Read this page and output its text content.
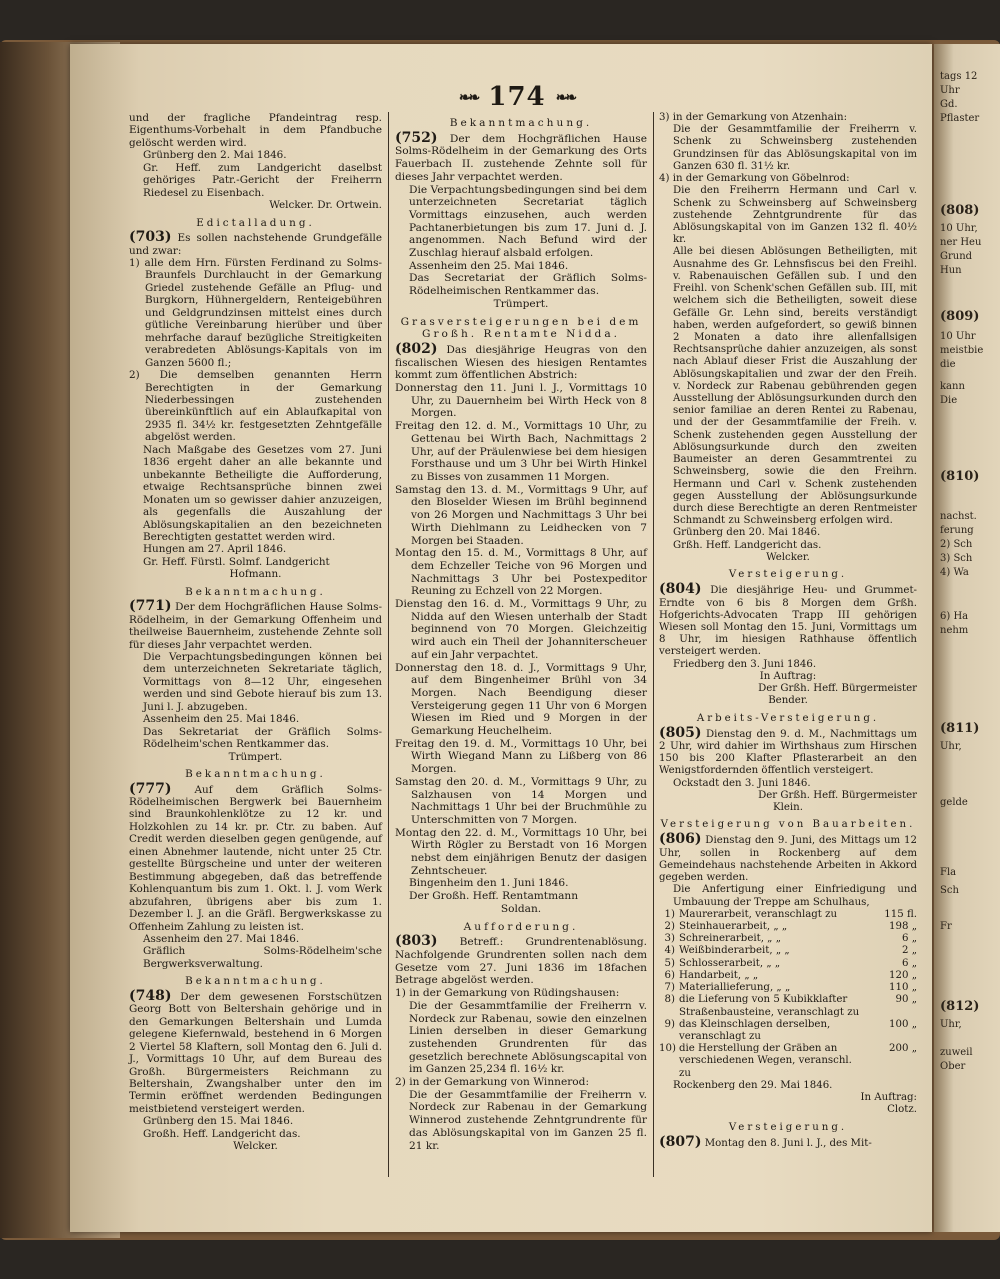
tags 12
Uhr
Gd.
Pflaster
(808)
10 Uhr,
ner Heu
Grund
Hun
(809)
10 Uhr
meistbie
die
kann
Die
(810)
nachst.
ferung
2) Sch
3) Sch
4) Wa
6) Ha
nehm
(811)
Uhr,
gelde
Fla
Sch
Fr
(812)
Uhr,
zuweil
Ober
❧❧ 174 ❧❧

und der fragliche Pfandeintrag resp. Eigenthums-Vorbehalt in dem Pfandbuche gelöscht werden wird.

Grünberg den 2. Mai 1846.

Gr. Heff. zum Landgericht daselbst gehöriges Patr.-Gericht der Freiherrn Riedesel zu Eisenbach.

Welcker. Dr. Ortwein.

Edictalladung.

(703) Es sollen nachstehende Grundgefälle und zwar:

1) alle dem Hrn. Fürsten Ferdinand zu Solms-Braunfels Durchlaucht in der Gemarkung Griedel zustehende Gefälle an Pflug- und Burgkorn, Hühnergeldern, Renteigebühren und Geldgrundzinsen mittelst eines durch gütliche Vereinbarung hierüber und über mehrfache darauf bezügliche Streitigkeiten verabredeten Ablösungs-Kapitals von im Ganzen 5600 fl.;

2) Die demselben genannten Herrn Berechtigten in der Gemarkung Niederbessingen zustehenden übereinkünftlich auf ein Ablaufkapital von 2935 fl. 34½ kr. festgesetzten Zehntgefälle abgelöst werden.

Nach Maßgabe des Gesetzes vom 27. Juni 1836 ergeht daher an alle bekannte und unbekannte Betheiligte die Aufforderung, etwaige Rechtsansprüche binnen zwei Monaten um so gewisser dahier anzuzeigen, als gegenfalls die Auszahlung der Ablösungskapitalien an den bezeichneten Berechtigten gestattet werden wird.

Hungen am 27. April 1846.

Gr. Heff. Fürstl. Solmf. Landgericht

Hofmann.

Bekanntmachung.

(771) Der dem Hochgräflichen Hause Solms-Rödelheim, in der Gemarkung Offenheim und theilweise Bauernheim, zustehende Zehnte soll für dieses Jahr verpachtet werden.

Die Verpachtungsbedingungen können bei dem unterzeichneten Sekretariate täglich, Vormittags von 8—12 Uhr, eingesehen werden und sind Gebote hierauf bis zum 13. Juni l. J. abzugeben.

Assenheim den 25. Mai 1846.

Das Sekretariat der Gräflich Solms-Rödelheim'schen Rentkammer das.

Trümpert.

Bekanntmachung.

(777) Auf dem Gräflich Solms-Rödelheimischen Bergwerk bei Bauernheim sind Braunkohlenklötze zu 12 kr. und Holzkohlen zu 14 kr. pr. Ctr. zu baben. Auf Credit werden dieselben gegen genügende, auf einen Abnehmer lautende, nicht unter 25 Ctr. gestellte Bürgscheine und unter der weiteren Bestimmung abgegeben, daß das betreffende Kohlenquantum bis zum 1. Okt. l. J. vom Werk abzufahren, übrigens aber bis zum 1. Dezember l. J. an die Gräfl. Bergwerkskasse zu Offenheim Zahlung zu leisten ist.

Assenheim den 27. Mai 1846.

Gräflich Solms-Rödelheim'sche Bergwerksverwaltung.

Bekanntmachung.

(748) Der dem gewesenen Forstschützen Georg Bott von Beltershain gehörige und in den Gemarkungen Beltershain und Lumda gelegene Kiefernwald, bestehend in 6 Morgen 2 Viertel 58 Klaftern, soll Montag den 6. Juli d. J., Vormittags 10 Uhr, auf dem Bureau des Großh. Bürgermeisters Reichmann zu Beltershain, Zwangshalber unter den im Termin eröffnet werdenden Bedingungen meistbietend versteigert werden.

Grünberg den 15. Mai 1846.

Großh. Heff. Landgericht das.

Welcker.

Bekanntmachung.

(752) Der dem Hochgräflichen Hause Solms-Rödelheim in der Gemarkung des Orts Fauerbach II. zustehende Zehnte soll für dieses Jahr verpachtet werden.

Die Verpachtungsbedingungen sind bei dem unterzeichneten Secretariat täglich Vormittags einzusehen, auch werden Pachtanerbietungen bis zum 17. Juni d. J. angenommen. Nach Befund wird der Zuschlag hierauf alsbald erfolgen.

Assenheim den 25. Mai 1846.

Das Secretariat der Gräflich Solms-Rödelheimischen Rentkammer das.

Trümpert.

Grasversteigerungen bei dem Großh. Rentamte Nidda.

(802) Das diesjährige Heugras von den fiscalischen Wiesen des hiesigen Rentamtes kommt zum öffentlichen Abstrich:

Donnerstag den 11. Juni l. J., Vormittags 10 Uhr, zu Dauernheim bei Wirth Heck von 8 Morgen.

Freitag den 12. d. M., Vormittags 10 Uhr, zu Gettenau bei Wirth Bach, Nachmittags 2 Uhr, auf der Präulenwiese bei dem hiesigen Forsthause und um 3 Uhr bei Wirth Hinkel zu Bisses von zusammen 11 Morgen.

Samstag den 13. d. M., Vormittags 9 Uhr, auf den Bloselder Wiesen im Brühl beginnend von 26 Morgen und Nachmittags 3 Uhr bei Wirth Diehlmann zu Leidhecken von 7 Morgen bei Staaden.

Montag den 15. d. M., Vormittags 8 Uhr, auf dem Echzeller Teiche von 96 Morgen und Nachmittags 3 Uhr bei Postexpeditor Reuning zu Echzell von 22 Morgen.

Dienstag den 16. d. M., Vormittags 9 Uhr, zu Nidda auf den Wiesen unterhalb der Stadt beginnend von 70 Morgen. Gleichzeitig wird auch ein Theil der Johanniterscheuer auf ein Jahr verpachtet.

Donnerstag den 18. d. J., Vormittags 9 Uhr, auf dem Bingenheimer Brühl von 34 Morgen. Nach Beendigung dieser Versteigerung gegen 11 Uhr von 6 Morgen Wiesen im Ried und 9 Morgen in der Gemarkung Heuchelheim.

Freitag den 19. d. M., Vormittags 10 Uhr, bei Wirth Wiegand Mann zu Lißberg von 86 Morgen.

Samstag den 20. d. M., Vormittags 9 Uhr, zu Salzhausen von 14 Morgen und Nachmittags 1 Uhr bei der Bruchmühle zu Unterschmitten von 7 Morgen.

Montag den 22. d. M., Vormittags 10 Uhr, bei Wirth Rögler zu Berstadt von 16 Morgen nebst dem einjährigen Benutz der dasigen Zehntscheuer.

Bingenheim den 1. Juni 1846.

Der Großh. Heff. Rentamtmann

Soldan.

Aufforderung.

(803) Betreff.: Grundrentenablösung. Nachfolgende Grundrenten sollen nach dem Gesetze vom 27. Juni 1836 im 18fachen Betrage abgelöst werden.

1) in der Gemarkung von Rüdingshausen:

Die der Gesammtfamilie der Freiherrn v. Nordeck zur Rabenau, sowie den einzelnen Linien derselben in dieser Gemarkung zustehenden Grundrenten für das gesetzlich berechnete Ablösungscapital von im Ganzen 25,234 fl. 16½ kr.

2) in der Gemarkung von Winnerod:

Die der Gesammtfamilie der Freiherrn v. Nordeck zur Rabenau in der Gemarkung Winnerod zustehende Zehntgrundrente für das Ablösungskapital von im Ganzen 25 fl. 21 kr.

3) in der Gemarkung von Atzenhain:

Die der Gesammtfamilie der Freiherrn v. Schenk zu Schweinsberg zustehenden Grundzinsen für das Ablösungskapital von im Ganzen 630 fl. 31½ kr.

4) in der Gemarkung von Göbelnrod:

Die den Freiherrn Hermann und Carl v. Schenk zu Schweinsberg auf Schweinsberg zustehende Zehntgrundrente für das Ablösungskapital von im Ganzen 132 fl. 40½ kr.

Alle bei diesen Ablösungen Betheiligten, mit Ausnahme des Gr. Lehnsfiscus bei den Freihl. v. Rabenauischen Gefällen sub. I und den Freihl. von Schenk'schen Gefällen sub. III, mit welchem sich die Betheiligten, soweit diese Gefälle Gr. Lehn sind, bereits verständigt haben, werden aufgefordert, so gewiß binnen 2 Monaten a dato ihre allenfallsigen Rechtsansprüche dahier anzuzeigen, als sonst nach Ablauf dieser Frist die Auszahlung der Ablösungskapitalien und zwar der den Freih. v. Nordeck zur Rabenau gebührenden gegen Ausstellung der Ablösungsurkunden durch den senior familiae an deren Rentei zu Rabenau, und der der Gesammtfamilie der Freih. v. Schenk zustehenden gegen Ausstellung der Ablösungsurkunde durch den zweiten Baumeister an deren Gesammtrentei zu Schweinsberg, sowie die den Freihrn. Hermann und Carl v. Schenk zustehenden gegen Ausstellung der Ablösungsurkunde durch diese Berechtigte an deren Rentmeister Schmandt zu Schweinsberg erfolgen wird.

Grünberg den 20. Mai 1846.

Grßh. Heff. Landgericht das.

Welcker.

Versteigerung.

(804) Die diesjährige Heu- und Grummet-Erndte von 6 bis 8 Morgen dem Grßh. Hofgerichts-Advocaten Trapp III gehörigen Wiesen soll Montag den 15. Juni, Vormittags um 8 Uhr, im hiesigen Rathhause öffentlich versteigert werden.

Friedberg den 3. Juni 1846.

In Auftrag:

Der Grßh. Heff. Bürgermeister

Bender.

Arbeits-Versteigerung.

(805) Dienstag den 9. d. M., Nachmittags um 2 Uhr, wird dahier im Wirthshaus zum Hirschen 150 bis 200 Klafter Pflasterarbeit an den Wenigstfordernden öffentlich versteigert.

Ockstadt den 3. Juni 1846.

Der Grßh. Heff. Bürgermeister

Klein.

Versteigerung von Bauarbeiten.

(806) Dienstag den 9. Juni, des Mittags um 12 Uhr, sollen in Rockenberg auf dem Gemeindehaus nachstehende Arbeiten in Akkord gegeben werden.

Die Anfertigung einer Einfriedigung und Umbauung der Treppe am Schulhaus,

1) Maurerarbeit, veranschlagt zu	115 fl.
2) Steinhauerarbeit, „ „	198 „
3) Schreinerarbeit, „ „	6 „
4) Weißbinderarbeit, „ „	2 „
5) Schlosserarbeit, „ „	6 „
6) Handarbeit, „ „	120 „
7) Materiallieferung, „ „	110 „
8) die Lieferung von 5 Kubikklafter Straßenbausteine, veranschlagt zu
90 „
9) das Kleinschlagen derselben, veranschlagt zu
100 „
10) die Herstellung der Gräben an verschiedenen Wegen, veranschl. zu
200 „

Rockenberg den 29. Mai 1846.

In Auftrag:

Clotz.

Versteigerung.

(807) Montag den 8. Juni l. J., des Mit-
